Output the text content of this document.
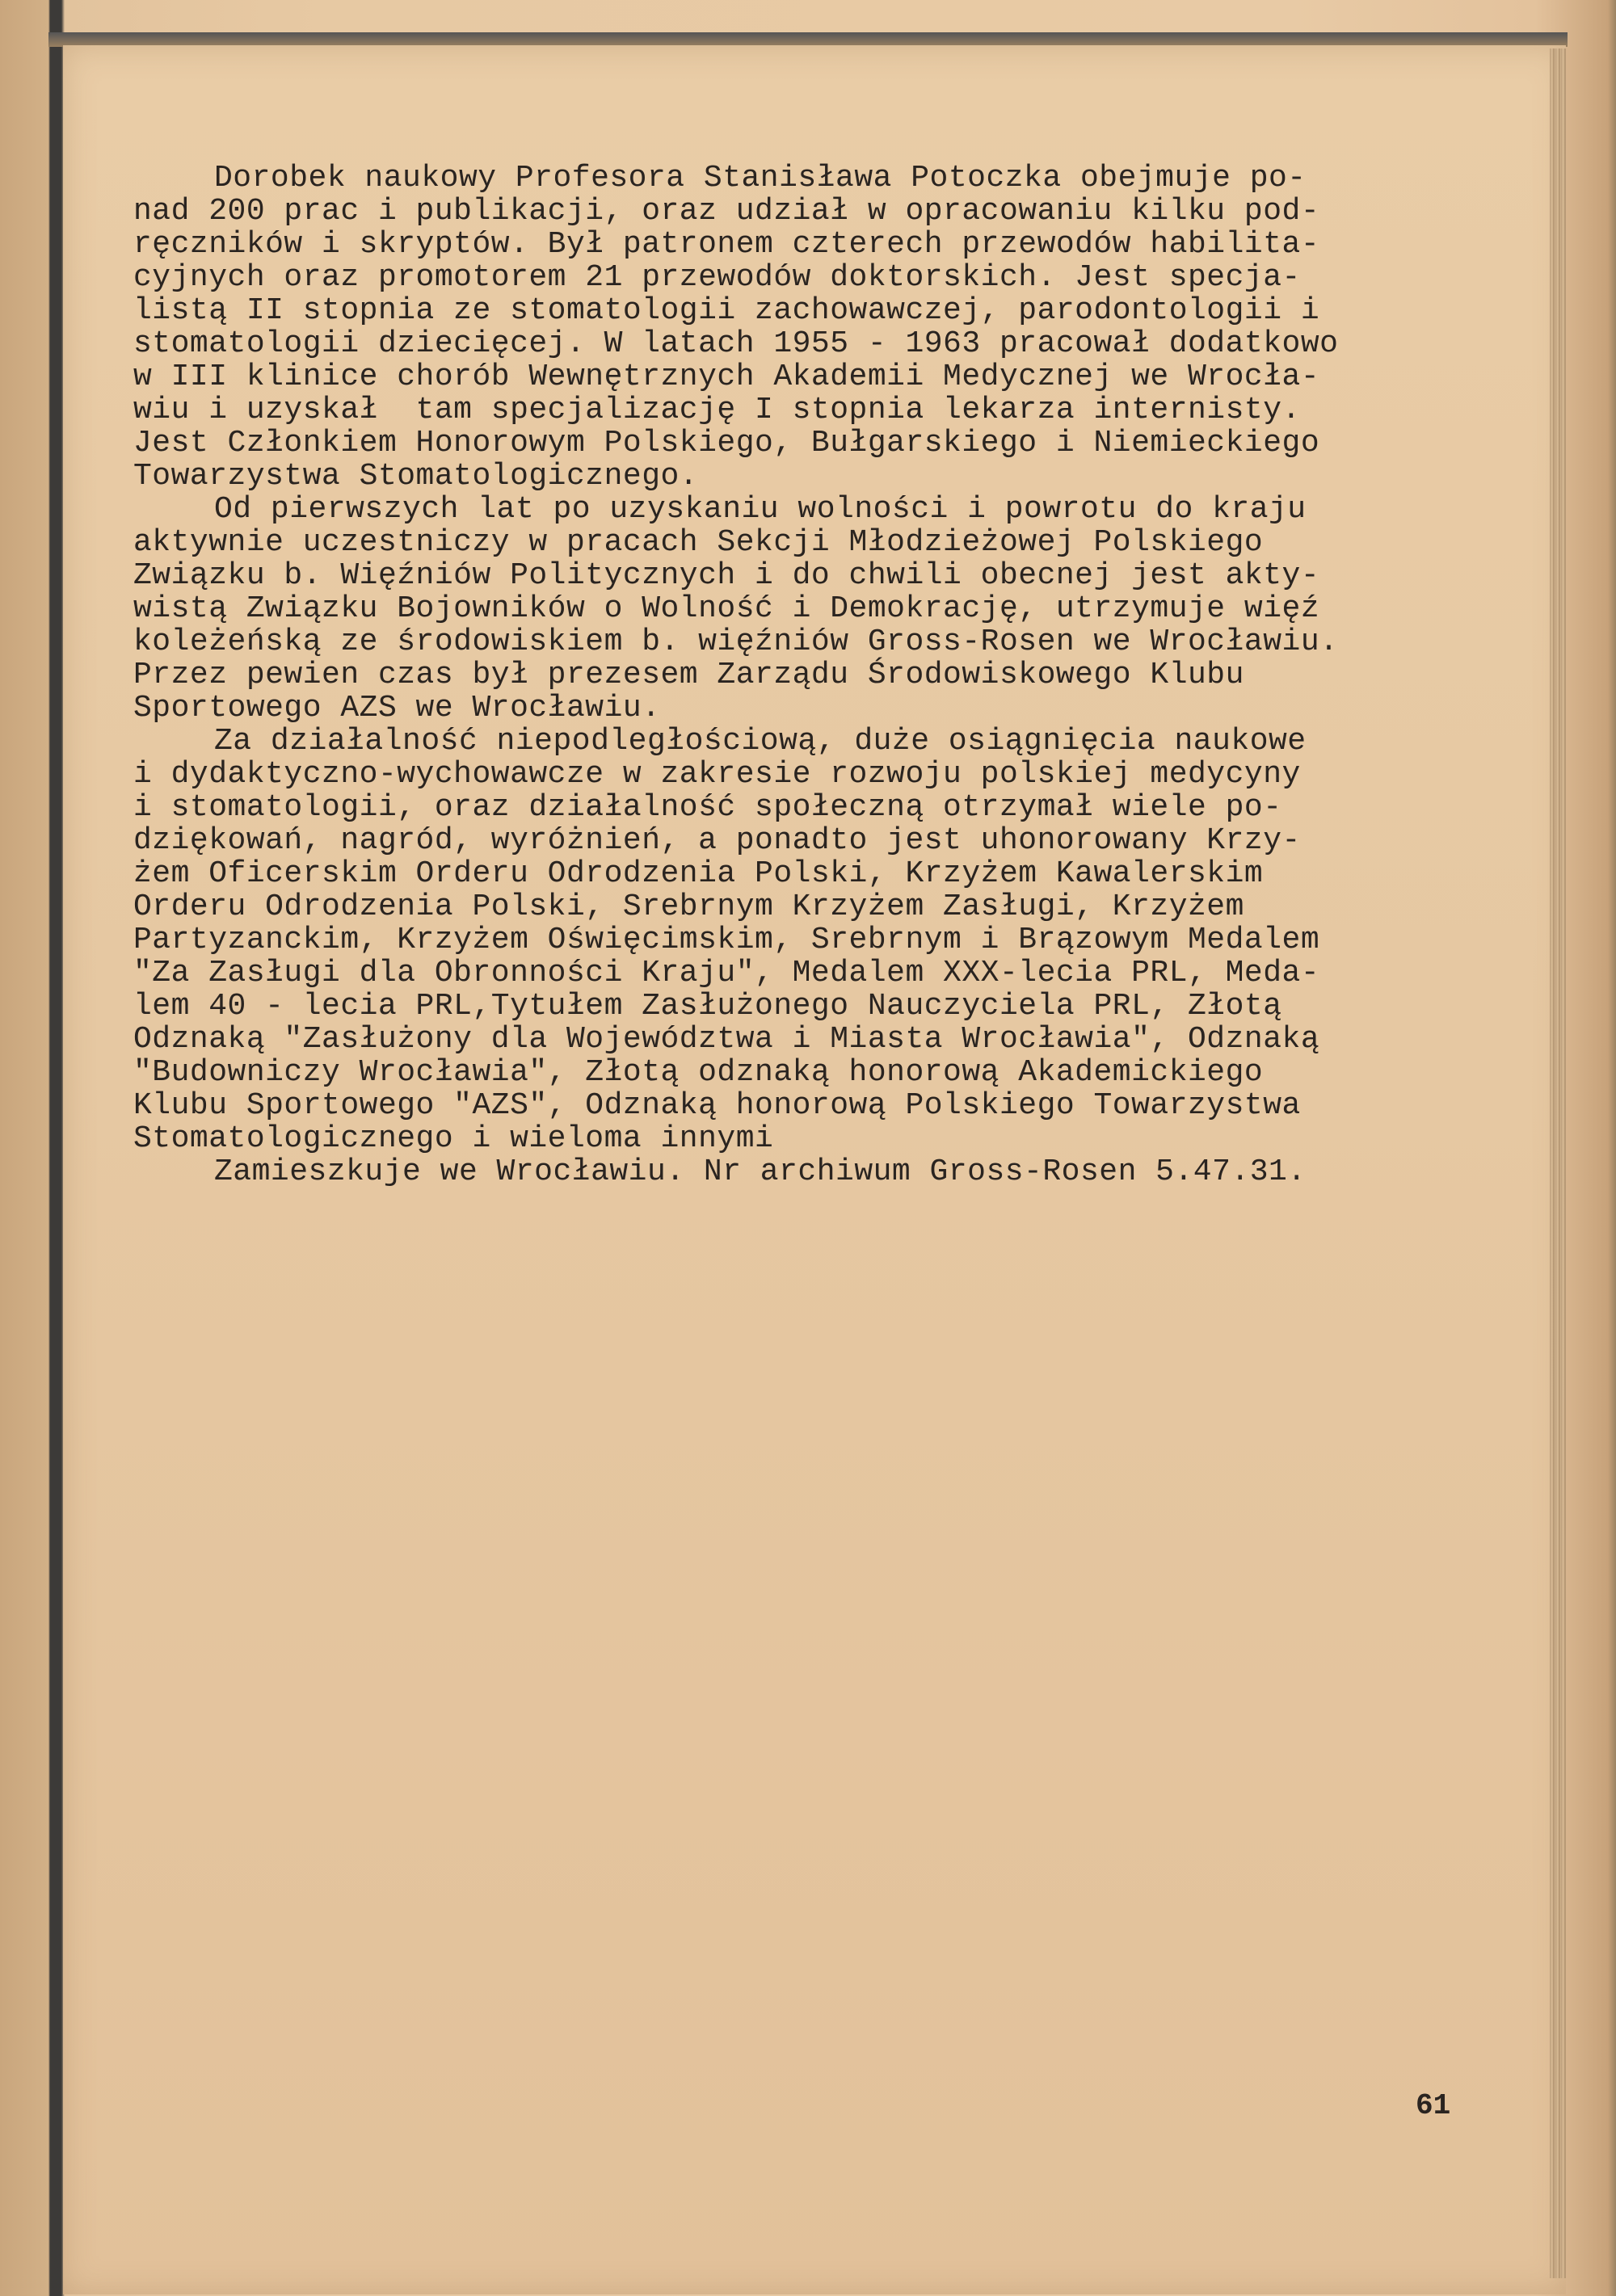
Dorobek naukowy Profesora Stanisława Potoczka obejmuje po-
nad 200 prac i publikacji, oraz udział w opracowaniu kilku pod-
ręczników i skryptów. Był patronem czterech przewodów habilita-
cyjnych oraz promotorem 21 przewodów doktorskich. Jest specja-
listą II stopnia ze stomatologii zachowawczej, parodontologii i
stomatologii dziecięcej. W latach 1955 - 1963 pracował dodatkowo
w III klinice chorób Wewnętrznych Akademii Medycznej we Wrocła-
wiu i uzyskał  tam specjalizację I stopnia lekarza internisty.
Jest Członkiem Honorowym Polskiego, Bułgarskiego i Niemieckiego
Towarzystwa Stomatologicznego.
Od pierwszych lat po uzyskaniu wolności i powrotu do kraju
aktywnie uczestniczy w pracach Sekcji Młodzieżowej Polskiego
Związku b. Więźniów Politycznych i do chwili obecnej jest akty-
wistą Związku Bojowników o Wolność i Demokrację, utrzymuje więź
koleżeńską ze środowiskiem b. więźniów Gross-Rosen we Wrocławiu.
Przez pewien czas był prezesem Zarządu Środowiskowego Klubu
Sportowego AZS we Wrocławiu.
Za działalność niepodległościową, duże osiągnięcia naukowe
i dydaktyczno-wychowawcze w zakresie rozwoju polskiej medycyny
i stomatologii, oraz działalność społeczną otrzymał wiele po-
dziękowań, nagród, wyróżnień, a ponadto jest uhonorowany Krzy-
żem Oficerskim Orderu Odrodzenia Polski, Krzyżem Kawalerskim
Orderu Odrodzenia Polski, Srebrnym Krzyżem Zasługi, Krzyżem
Partyzanckim, Krzyżem Oświęcimskim, Srebrnym i Brązowym Medalem
"Za Zasługi dla Obronności Kraju", Medalem XXX-lecia PRL, Meda-
lem 40 - lecia PRL,Tytułem Zasłużonego Nauczyciela PRL, Złotą
Odznaką "Zasłużony dla Województwa i Miasta Wrocławia", Odznaką
"Budowniczy Wrocławia", Złotą odznaką honorową Akademickiego
Klubu Sportowego "AZS", Odznaką honorową Polskiego Towarzystwa
Stomatologicznego i wieloma innymi
Zamieszkuje we Wrocławiu. Nr archiwum Gross-Rosen 5.47.31.
61
